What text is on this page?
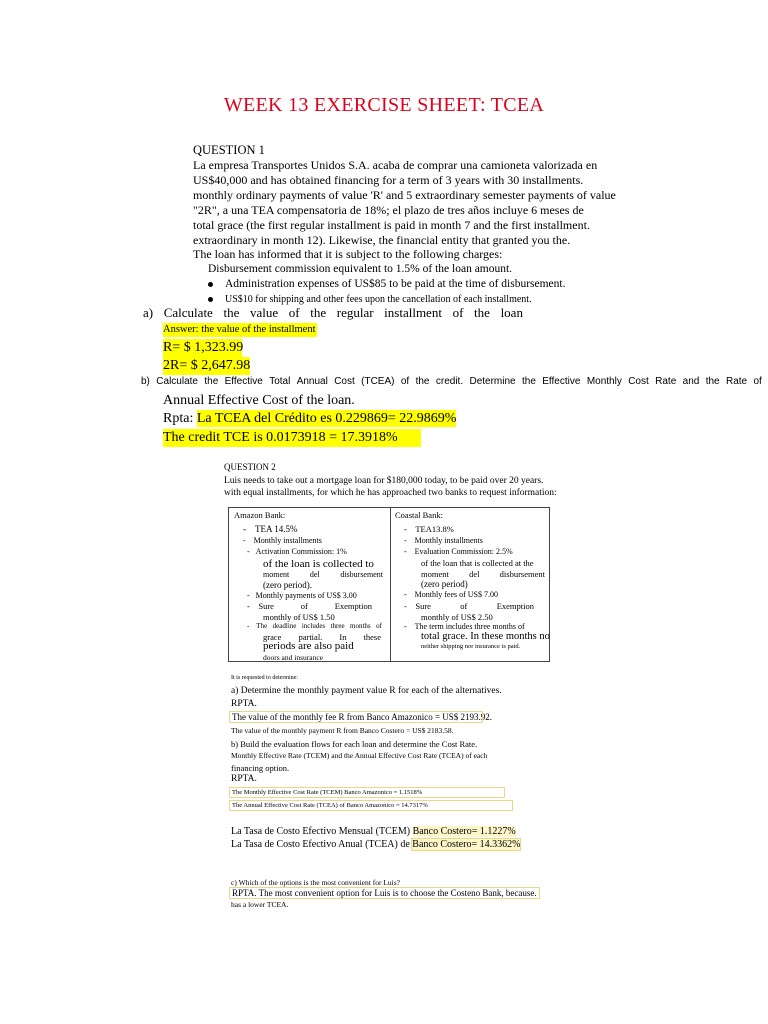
WEEK 13 EXERCISE SHEET: TCEA
QUESTION 1
La empresa Transportes Unidos S.A. acaba de comprar una camioneta valorizada en
US$40,000 and has obtained financing for a term of 3 years with 30 installments.
monthly ordinary payments of value 'R' and 5 extraordinary semester payments of value
"2R", a una TEA compensatoria de 18%; el plazo de tres años incluye 6 meses de
total grace (the first regular installment is paid in month 7 and the first installment.
extraordinary in month 12). Likewise, the financial entity that granted you the.
The loan has informed that it is subject to the following charges:
Disbursement commission equivalent to 1.5% of the loan amount.
Administration expenses of US$85 to be paid at the time of disbursement.
US$10 for shipping and other fees upon the cancellation of each installment.
a) Calculate the value of the regular installment of the loan
Answer: the value of the installment
R= $ 1,323.99
2R= $ 2,647.98
b) Calculate the Effective Total Annual Cost (TCEA) of the credit. Determine the Effective Monthly Cost Rate and the Rate of
Annual Effective Cost of the loan.
Rpta: La TCEA del Crédito es 0.229869= 22.9869%
The credit TCE is 0.0173918 = 17.3918%
QUESTION 2
Luis needs to take out a mortgage loan for $180,000 today, to be paid over 20 years.
with equal installments, for which he has approached two banks to request information:
Amazon Bank:
-    TEA 14.5%
-    Monthly installments
-   Activation Commission: 1%
of the loan is collected to
moment	del	disbursement
(zero period).
-   Monthly payments of US$ 3.00
-    Sure	of	Exemption
monthly of US$ 1.50
-    The deadline includes three months of
grace partial. In these
periods are also paid
doors and insurance
Coastal Bank:
-    TEA13.8%
-    Monthly installments
-    Evaluation Commission: 2.5%
of the loan that is collected at the
moment del disbursement
(zero period)
-    Monthly fees of US$ 7.00
-    Sure	of	Exemption
monthly of US$ 2.50
-    The term includes three months of
total grace. In these months no
neither shipping nor insurance is paid.
It is requested to determine:
a) Determine the monthly payment value R for each of the alternatives.
RPTA.
The value of the monthly fee R from Banco Amazonico = US$ 2193.92.
The value of the monthly payment R from Banco Costero = US$ 2183.58.
b) Build the evaluation flows for each loan and determine the Cost Rate.
Monthly Effective Rate (TCEM) and the Annual Effective Cost Rate (TCEA) of each
financing option.
RPTA.
The Monthly Effective Cost Rate (TCEM) Banco Amazonico = 1.1518%
The Annual Effective Cost Rate (TCEA) of Banco Amazonico = 14.7317%
La Tasa de Costo Efectivo Mensual (TCEM) Banco Costero= 1.1227%
La Tasa de Costo Efectivo Anual (TCEA) de Banco Costero= 14.3362%
c) Which of the options is the most convenient for Luis?
RPTA. The most convenient option for Luis is to choose the Costeno Bank, because.
has a lower TCEA.
